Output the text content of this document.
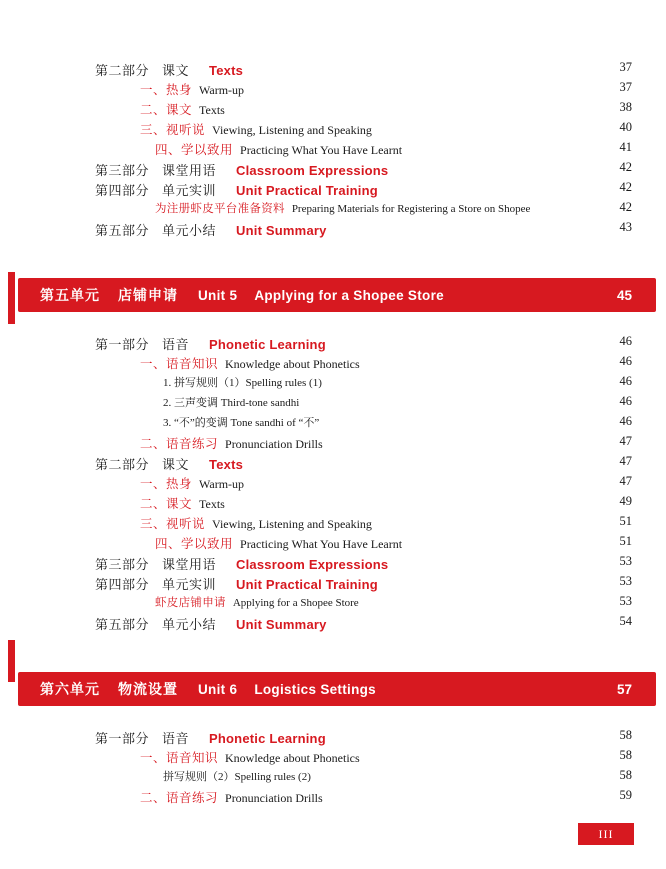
第二部分 课文 Texts	37
一、热身 Warm-up	37
二、课文 Texts	38
三、视听说 Viewing, Listening and Speaking	40
四、学以致用 Practicing What You Have Learnt	41
第三部分 课堂用语 Classroom Expressions	42
第四部分 单元实训 Unit Practical Training	42
为注册虾皮平台准备资料 Preparing Materials for Registering a Store on Shopee	42
第五部分 单元小结 Unit Summary	43
第五单元 店铺申请 Unit 5 Applying for a Shopee Store	45
第一部分 语音 Phonetic Learning	46
一、语音知识 Knowledge about Phonetics	46
1. 拼写规则（1）Spelling rules (1)	46
2. 三声变调 Third-tone sandhi	46
3. “不”的变调 Tone sandhi of “不”	46
二、语音练习 Pronunciation Drills	47
第二部分 课文 Texts	47
一、热身 Warm-up	47
二、课文 Texts	49
三、视听说 Viewing, Listening and Speaking	51
四、学以致用 Practicing What You Have Learnt	51
第三部分 课堂用语 Classroom Expressions	53
第四部分 单元实训 Unit Practical Training	53
虾皮店铺申请 Applying for a Shopee Store	53
第五部分 单元小结 Unit Summary	54
第六单元 物流设置 Unit 6 Logistics Settings	57
第一部分 语音 Phonetic Learning	58
一、语音知识 Knowledge about Phonetics	58
拼写规则（2）Spelling rules (2)	58
二、语音练习 Pronunciation Drills	59
III
